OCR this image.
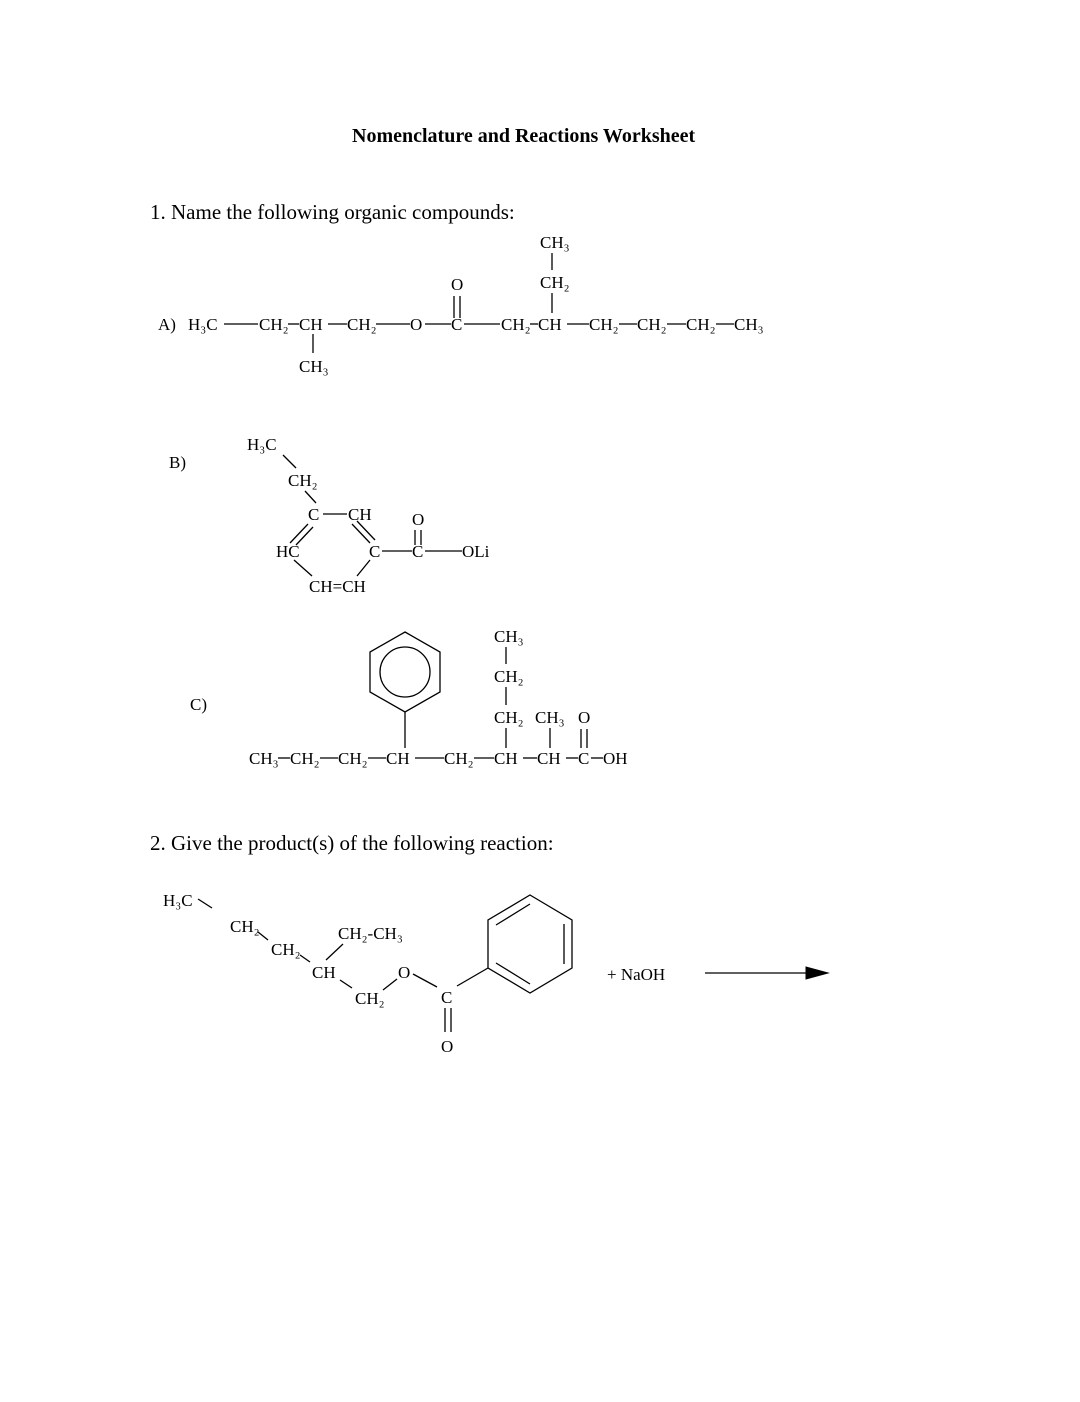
Nomenclature and Reactions Worksheet
1. Name the following organic compounds:
2. Give the product(s) of the following reaction:
A) H₃C CH₂ CH CH₂ O C CH₂ CH CH₂ CH₂ CH₂ CH₃
CH₃
O
CH₃
CH₂
B)
H₃C
CH₂
C CH
HC	C
CH=CH
C
O
OLi
C)
CH₃ CH₂ CH₂ CH CH₂ CH CH C OH
CH₃
CH₂
CH₂ CH₃ O
H₃C
CH₂
CH₂
CH
CH₂-CH₃
CH₂
O
C
O
+ NaOH
